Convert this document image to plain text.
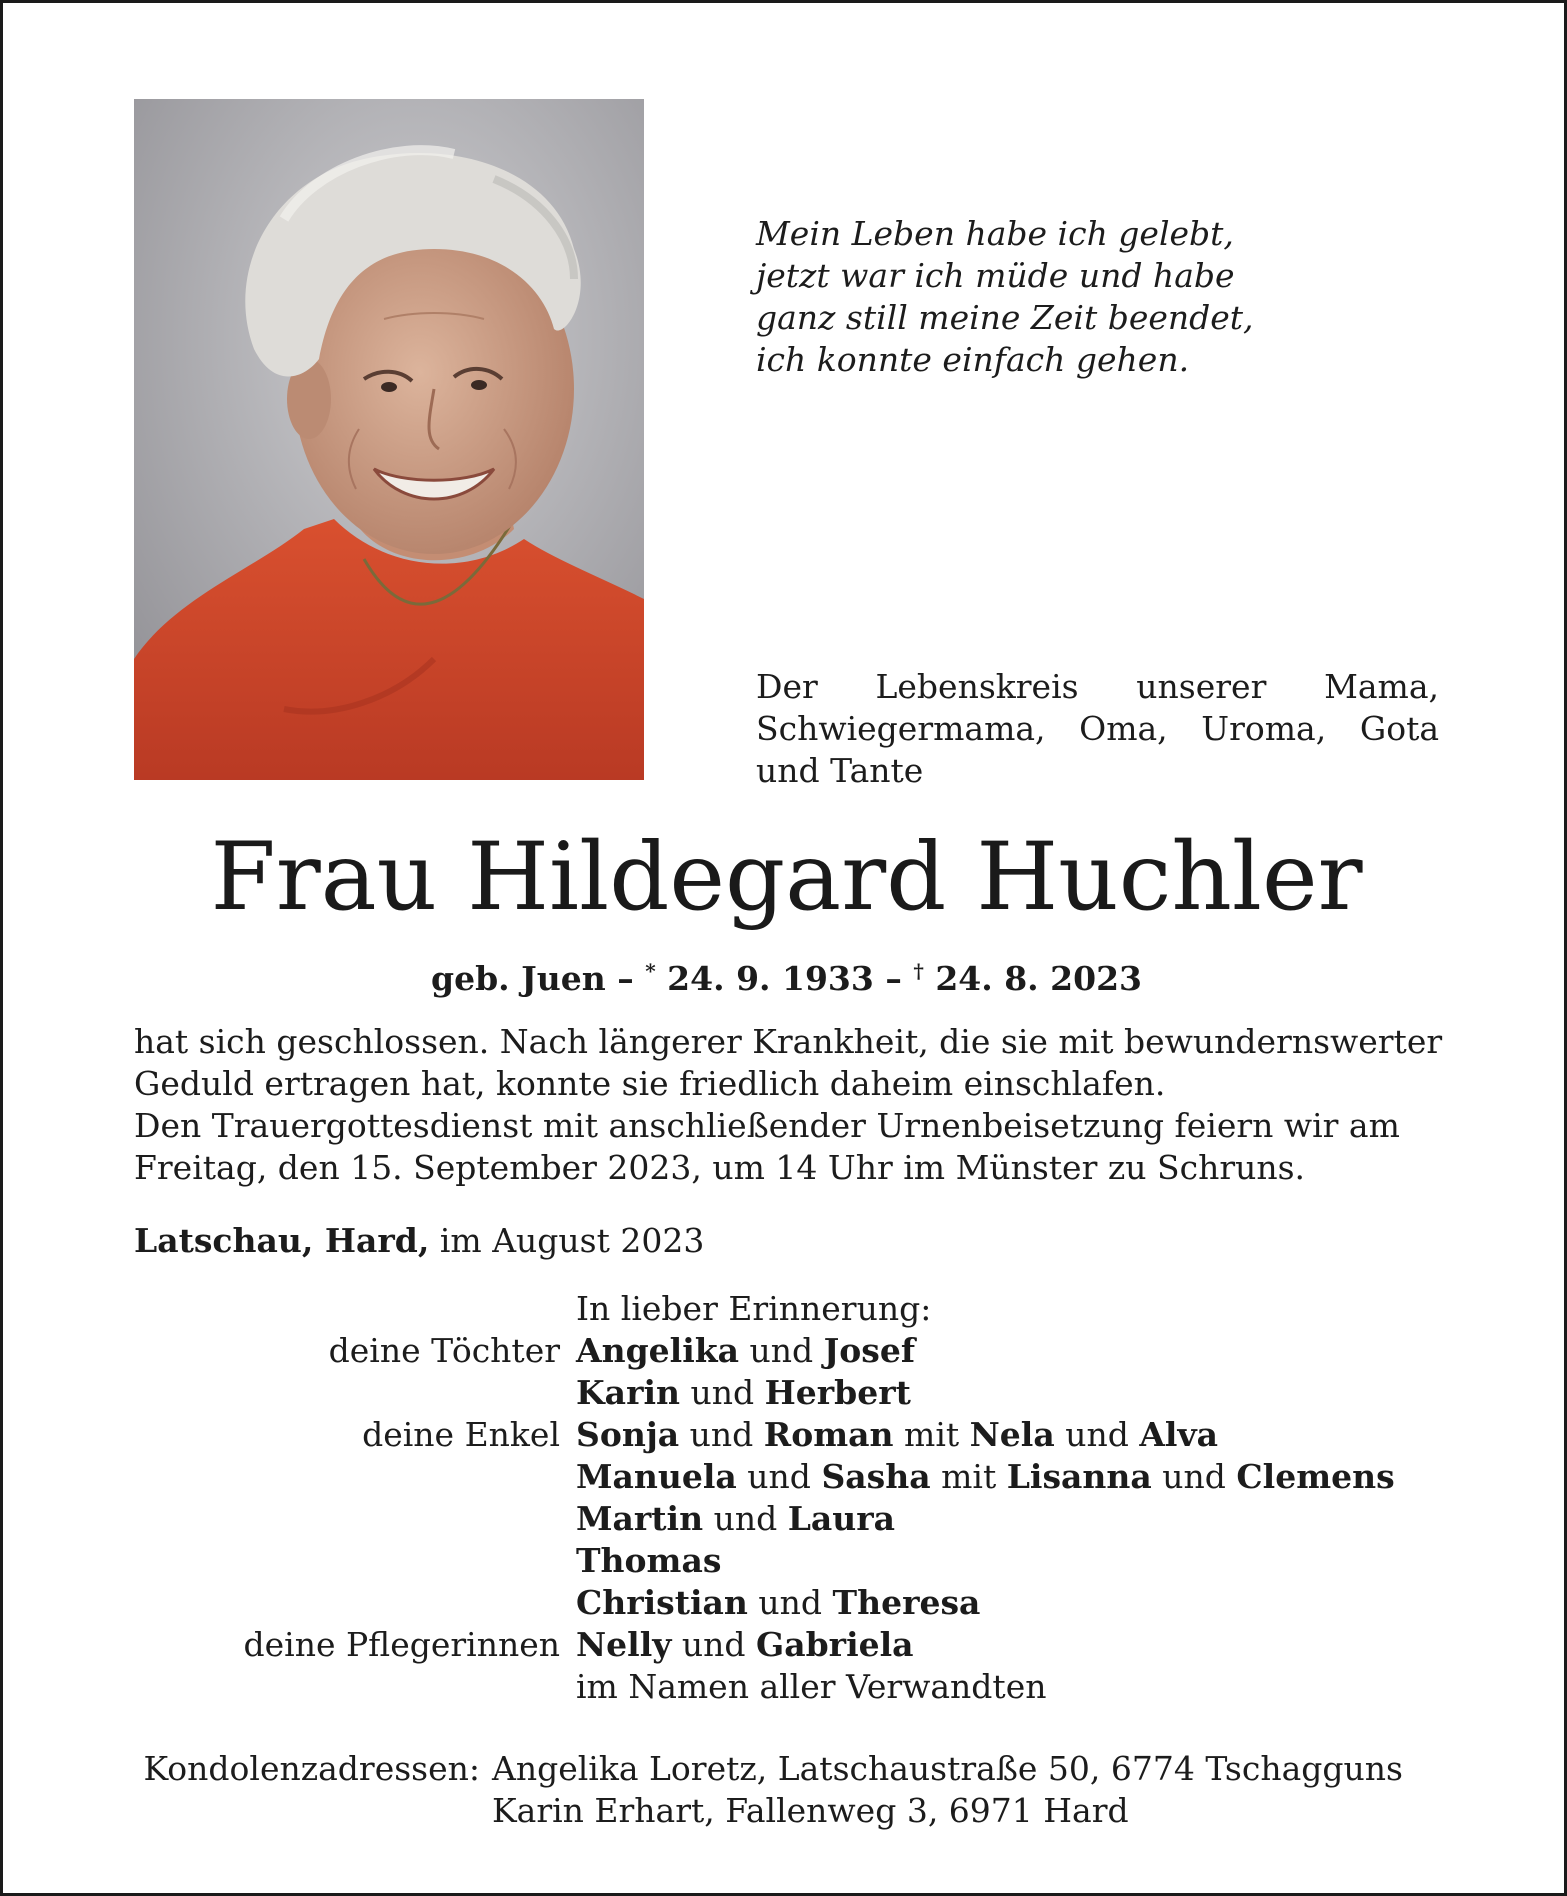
Mein Leben habe ich gelebt,
jetzt war ich müde und habe
ganz still meine Zeit beendet,
ich konnte einfach gehen.
Der Lebenskreis unserer Mama, Schwiegermama, Oma, Uroma, Gota und Tante
Frau Hildegard Huchler
geb. Juen – * 24. 9. 1933 – † 24. 8. 2023
hat sich geschlossen. Nach längerer Krankheit, die sie mit bewundernswerter
Geduld ertragen hat, konnte sie friedlich daheim einschlafen.
Den Trauergottesdienst mit anschließender Urnenbeisetzung feiern wir am
Freitag, den 15. September 2023, um 14 Uhr im Münster zu Schruns.
Latschau, Hard, im August 2023
In lieber Erinnerung:
deine Töchter Angelika und Josef
Karin und Herbert
deine Enkel Sonja und Roman mit Nela und Alva
Manuela und Sasha mit Lisanna und Clemens
Martin und Laura
Thomas
Christian und Theresa
deine Pflegerinnen Nelly und Gabriela
im Namen aller Verwandten
Kondolenzadressen: Angelika Loretz, Latschaustraße 50, 6774 Tschagguns
Karin Erhart, Fallenweg 3, 6971 Hard
